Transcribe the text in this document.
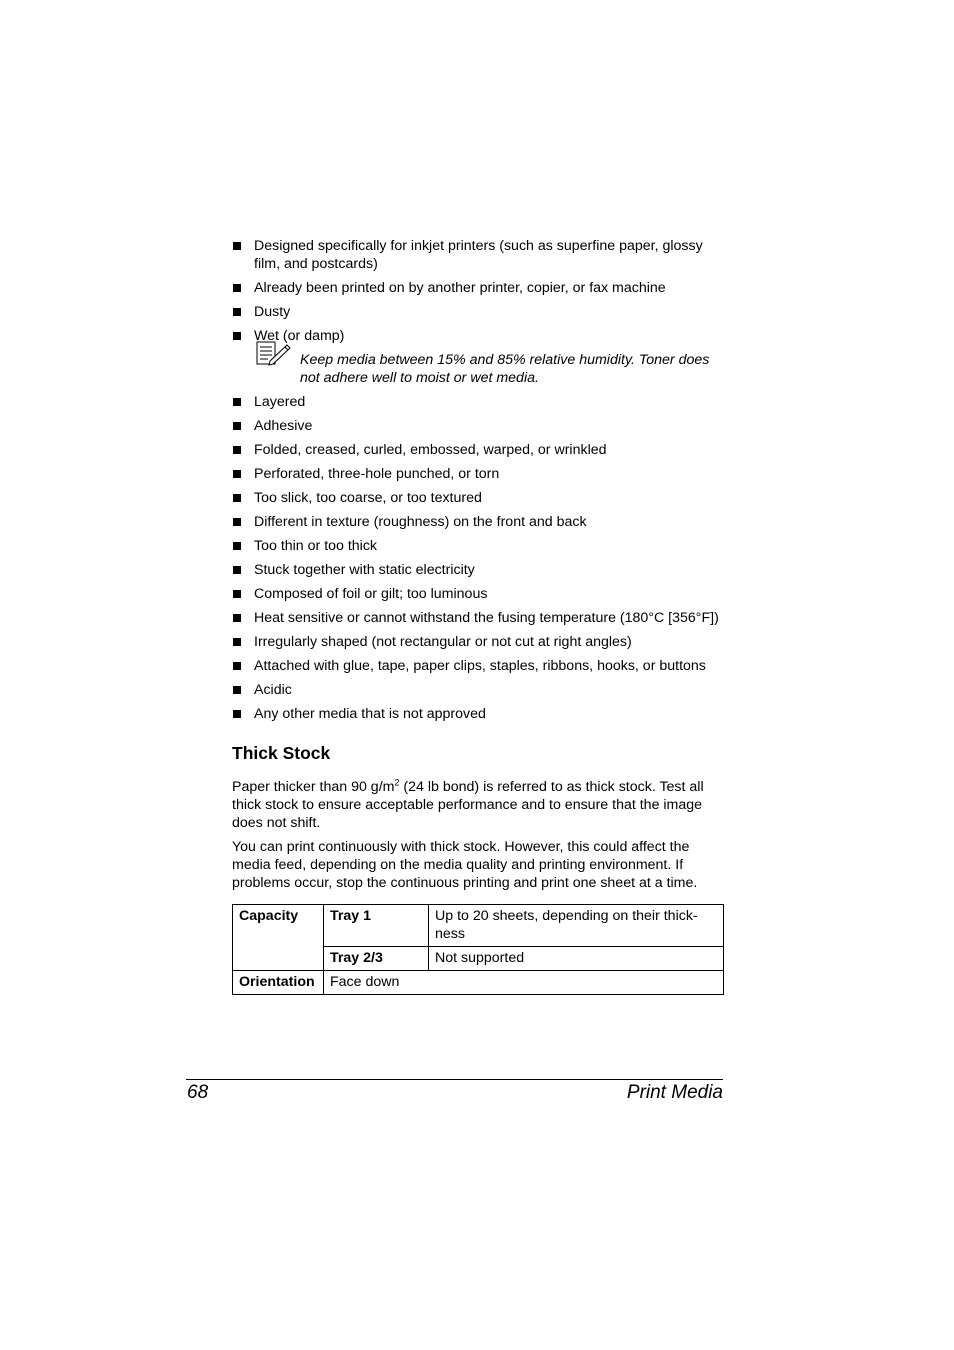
Designed specifically for inkjet printers (such as superfine paper, glossy film, and postcards)
Already been printed on by another printer, copier, or fax machine
Dusty
Wet (or damp)
Keep media between 15% and 85% relative humidity. Toner does not adhere well to moist or wet media.
Layered
Adhesive
Folded, creased, curled, embossed, warped, or wrinkled
Perforated, three-hole punched, or torn
Too slick, too coarse, or too textured
Different in texture (roughness) on the front and back
Too thin or too thick
Stuck together with static electricity
Composed of foil or gilt; too luminous
Heat sensitive or cannot withstand the fusing temperature (180°C [356°F])
Irregularly shaped (not rectangular or not cut at right angles)
Attached with glue, tape, paper clips, staples, ribbons, hooks, or buttons
Acidic
Any other media that is not approved
Thick Stock

Paper thicker than 90 $g/m^2$ (24 lb bond) is referred to as thick stock. Test all thick stock to ensure acceptable performance and to ensure that the image does not shift.

You can print continuously with thick stock. However, this could affect the media feed, depending on the media quality and printing environment. If problems occur, stop the continuous printing and print one sheet at a time.

Capacity	Tray 1	Up to 20 sheets, depending on their thick-ness
	Tray 2/3	Not supported
Orientation	Face down	
68	Print Media
